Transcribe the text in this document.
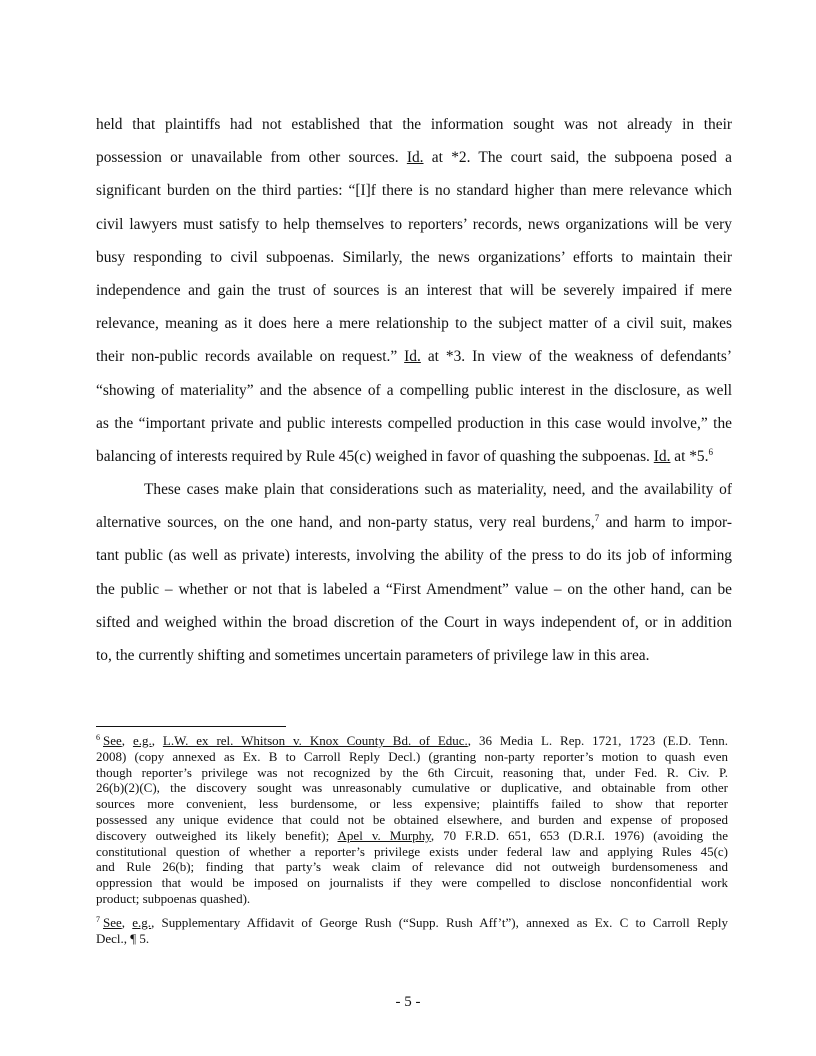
held that plaintiffs had not established that the information sought was not already in their
possession or unavailable from other sources. Id. at *2. The court said, the subpoena posed a
significant burden on the third parties: “[I]f there is no standard higher than mere relevance which
civil lawyers must satisfy to help themselves to reporters’ records, news organizations will be very
busy responding to civil subpoenas. Similarly, the news organizations’ efforts to maintain their
independence and gain the trust of sources is an interest that will be severely impaired if mere
relevance, meaning as it does here a mere relationship to the subject matter of a civil suit, makes
their non-public records available on request.” Id. at *3. In view of the weakness of defendants’
“showing of materiality” and the absence of a compelling public interest in the disclosure, as well
as the “important private and public interests compelled production in this case would involve,” the
balancing of interests required by Rule 45(c) weighed in favor of quashing the subpoenas. Id. at *5.$^6$
These cases make plain that considerations such as materiality, need, and the availability of
alternative sources, on the one hand, and non-party status, very real burdens,$^7$ and harm to impor-
tant public (as well as private) interests, involving the ability of the press to do its job of informing
the public – whether or not that is labeled a “First Amendment” value – on the other hand, can be
sifted and weighed within the broad discretion of the Court in ways independent of, or in addition
to, the currently shifting and sometimes uncertain parameters of privilege law in this area.
$^6$ See, e.g., L.W. ex rel. Whitson v. Knox County Bd. of Educ., 36 Media L. Rep. 1721, 1723 (E.D. Tenn.
2008) (copy annexed as Ex. B to Carroll Reply Decl.) (granting non-party reporter’s motion to quash even
though reporter’s privilege was not recognized by the 6th Circuit, reasoning that, under Fed. R. Civ. P.
26(b)(2)(C), the discovery sought was unreasonably cumulative or duplicative, and obtainable from other
sources more convenient, less burdensome, or less expensive; plaintiffs failed to show that reporter
possessed any unique evidence that could not be obtained elsewhere, and burden and expense of proposed
discovery outweighed its likely benefit); Apel v. Murphy, 70 F.R.D. 651, 653 (D.R.I. 1976) (avoiding the
constitutional question of whether a reporter’s privilege exists under federal law and applying Rules 45(c)
and Rule 26(b); finding that party’s weak claim of relevance did not outweigh burdensomeness and
oppression that would be imposed on journalists if they were compelled to disclose nonconfidential work
product; subpoenas quashed).
$^7$ See, e.g., Supplementary Affidavit of George Rush (“Supp. Rush Aff’t”), annexed as Ex. C to Carroll Reply
Decl., ¶ 5.
- 5 -
